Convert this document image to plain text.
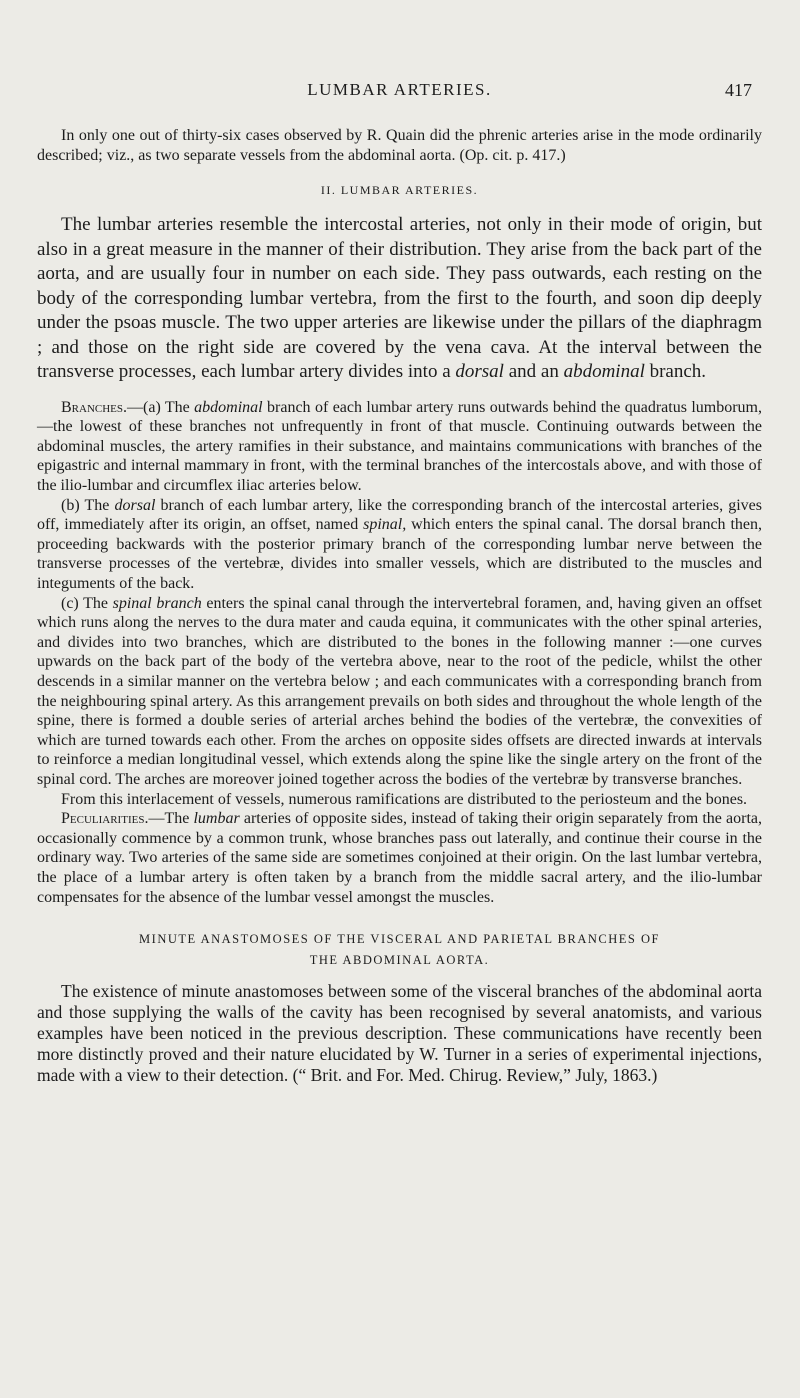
LUMBAR ARTERIES.	417

In only one out of thirty-six cases observed by R. Quain did the phrenic arteries arise in the mode ordinarily described; viz., as two separate vessels from the abdominal aorta. (Op. cit. p. 417.)

II. LUMBAR ARTERIES.

The lumbar arteries resemble the intercostal arteries, not only in their mode of origin, but also in a great measure in the manner of their distribution. They arise from the back part of the aorta, and are usually four in number on each side. They pass outwards, each resting on the body of the corresponding lumbar vertebra, from the first to the fourth, and soon dip deeply under the psoas muscle. The two upper arteries are likewise under the pillars of the diaphragm ; and those on the right side are covered by the vena cava. At the interval between the transverse processes, each lumbar artery divides into a dorsal and an abdominal branch.

Branches.—(a) The abdominal branch of each lumbar artery runs outwards behind the quadratus lumborum,—the lowest of these branches not unfrequently in front of that muscle. Continuing outwards between the abdominal muscles, the artery ramifies in their substance, and maintains communications with branches of the epigastric and internal mammary in front, with the terminal branches of the intercostals above, and with those of the ilio-lumbar and circumflex iliac arteries below.

(b) The dorsal branch of each lumbar artery, like the corresponding branch of the intercostal arteries, gives off, immediately after its origin, an offset, named spinal, which enters the spinal canal. The dorsal branch then, proceeding backwards with the posterior primary branch of the corresponding lumbar nerve between the transverse processes of the vertebræ, divides into smaller vessels, which are distributed to the muscles and integuments of the back.

(c) The spinal branch enters the spinal canal through the intervertebral foramen, and, having given an offset which runs along the nerves to the dura mater and cauda equina, it communicates with the other spinal arteries, and divides into two branches, which are distributed to the bones in the following manner :—one curves upwards on the back part of the body of the vertebra above, near to the root of the pedicle, whilst the other descends in a similar manner on the vertebra below ; and each communicates with a corresponding branch from the neighbouring spinal artery. As this arrangement prevails on both sides and throughout the whole length of the spine, there is formed a double series of arterial arches behind the bodies of the vertebræ, the convexities of which are turned towards each other. From the arches on opposite sides offsets are directed inwards at intervals to reinforce a median longitudinal vessel, which extends along the spine like the single artery on the front of the spinal cord. The arches are moreover joined together across the bodies of the vertebræ by transverse branches.

From this interlacement of vessels, numerous ramifications are distributed to the periosteum and the bones.

Peculiarities.—The lumbar arteries of opposite sides, instead of taking their origin separately from the aorta, occasionally commence by a common trunk, whose branches pass out laterally, and continue their course in the ordinary way. Two arteries of the same side are sometimes conjoined at their origin. On the last lumbar vertebra, the place of a lumbar artery is often taken by a branch from the middle sacral artery, and the ilio-lumbar compensates for the absence of the lumbar vessel amongst the muscles.

MINUTE ANASTOMOSES OF THE VISCERAL AND PARIETAL BRANCHES OF
THE ABDOMINAL AORTA.

The existence of minute anastomoses between some of the visceral branches of the abdominal aorta and those supplying the walls of the cavity has been recognised by several anatomists, and various examples have been noticed in the previous description. These communications have recently been more distinctly proved and their nature elucidated by W. Turner in a series of experimental injections, made with a view to their detection. (“ Brit. and For. Med. Chirug. Review,” July, 1863.)
